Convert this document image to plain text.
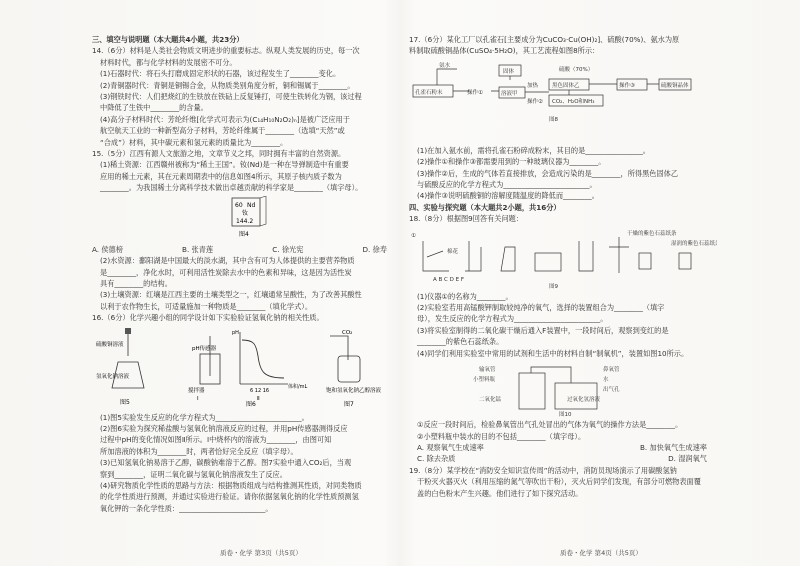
三、填空与说明题（本大题共4小题，共23分）
14.（6分）材料是人类社会物质文明进步的重要标志。纵观人类发展的历史，每一次
材料时代，都与化学材料的发展密不可分。
(1)石器时代：将石头打磨成固定形状的石器，该过程发生了________变化。
(2)青铜器时代：青铜是铜锡合金，从物质类别角度分析，铜和锡属于________。
(3)钢铁时代：人们把烧红的生铁放在铁砧上反复锤打，可使生铁转化为钢，该过程
中降低了生铁中________的含量。
(4)高分子材料时代：芳纶纤维[化学式可表示为(C₁₄H₁₀N₂O₂)ₙ]是被广泛应用于
航空航天工业的一种新型高分子材料，芳纶纤维属于________（选填“天然”或
“合成”）材料，其中碳元素和氢元素的质量比为________。
15.（5分）江西有源人文旅游之地，文章节义之邦，同时拥有丰富的自然资源。
(1)稀土资源：江西赣州被称为“稀土王国”。钕(Nd)是一种在导弹制造中有重要
应用的稀土元素，其在元素周期表中的信息如图4所示，其原子核内质子数为
________。为我国稀土分离科学技术做出卓越贡献的科学家是________（填字母）。
60 Nd
钕
144.2
图4
A. 侯德榜	B. 张青莲	C. 徐光宪	D. 徐寿
(2)水资源：鄱阳湖是中国最大的淡水湖，其中含有可为人体提供的主要营养物质
是________，净化水时，可利用活性炭除去水中的色素和异味，这是因为活性炭
具有________的结构。
(3)土壤资源：红壤是江西主要的土壤类型之一，红壤通常呈酸性，为了改善其酸性
以利于农作物生长，可适量施加一种物质是________（填化学式）。
16.（6分）化学兴趣小组的同学设计如下实验验证氢氧化钠的相关性质。
硫酸铜溶液
氢氧化钠溶液
图5
pH传感器
搅拌器
Ⅰ
pH
6 12 16
体积/mL
Ⅱ
图6
CO₂
饱和氢氧化钠乙醇溶液
图7
(1)图5实验发生反应的化学方程式为________________________。
(2)图6实验为探究稀盐酸与氢氧化钠溶液反应的过程，并用pH传感器测得反应
过程中pH的变化情况如图Ⅱ所示。Ⅰ中烧杯内的溶液为________，由图可知
所加溶液的体积为________时，两者恰好完全反应（填字母）。
(3)已知氢氧化钠易溶于乙醇，碳酸钠难溶于乙醇。图7实验中通入CO₂后，当观
察到________，证明二氧化碳与氢氧化钠溶液发生了反应。
(4)研究物质化学性质的思路与方法：根据物质组成与结构推测其性质，对同类物质
的化学性质进行预测，并通过实验进行验证。请你依据氢氧化钠的化学性质预测氢
氧化钾的一条化学性质：________________________。
质卷・化学 第3页（共5页）
17.（6分）某化工厂以孔雀石[主要成分为CuCO₃·Cu(OH)₂]、硫酸(70%)、氨水为原
料制取硫酸铜晶体(CuSO₄·5H₂O)，其工艺流程如图8所示：
氨水
孔雀石粉末	操作①
固体
溶液甲
加热
操作②
硫酸（70%）
黑色固体乙
CO₂、H₂O和NH₃
操作③	硫酸铜晶体
图8
(1)在加入氨水前，需将孔雀石粉碎成粉末，其目的是________________。
(2)操作①和操作③都需要用到的一种玻璃仪器为________。
(3)操作②后，生成的气体若直接排放，会造成污染的是________，所得黑色固体乙
与硫酸反应的化学方程式为________________________。
(4)操作③说明硫酸铜的溶解度随温度的降低而________。
四、实验与探究题（本大题共2小题，共16分）
18.（8分）根据图9回答有关问题：
①
棉花
干燥的紫色石蕊纸条
湿润的紫色石蕊纸条
A B C D E F
图9
(1)仪器①的名称为________。
(2)实验室若用高锰酸钾制取较纯净的氧气，选择的装置组合为________（填字
母），发生反应的化学方程式为________________________。
(3)将实验室制得的二氧化碳干燥后通入F装置中，一段时间后，观察到变红的是
________的紫色石蕊纸条。
(4)同学们利用实验室中常用的试剂和生活中的材料自制“制氧机”，装置如图10所示。
输氧管
小塑料瓶
二氧化锰
鼻氧管
水
出气孔
过氧化氢溶液
图10
①反应一段时间后，检验鼻氧管出气孔处冒出的气体为氧气的操作方法是________。
②小塑料瓶中装水的目的不包括________（填字母）。
A. 观察氧气生成速率	B. 加快氧气生成速率
C. 除去杂质	D. 湿润氧气
19.（8分）某学校在“消防安全知识宣传周”的活动中，消防员现场演示了用碳酸氢钠
干粉灭火器灭火（利用压缩的氮气等吹出干粉），灭火后同学们发现，有部分可燃物表面覆
盖的白色粉末产生兴趣。他们进行了如下探究活动。
质卷・化学 第4页（共5页）
